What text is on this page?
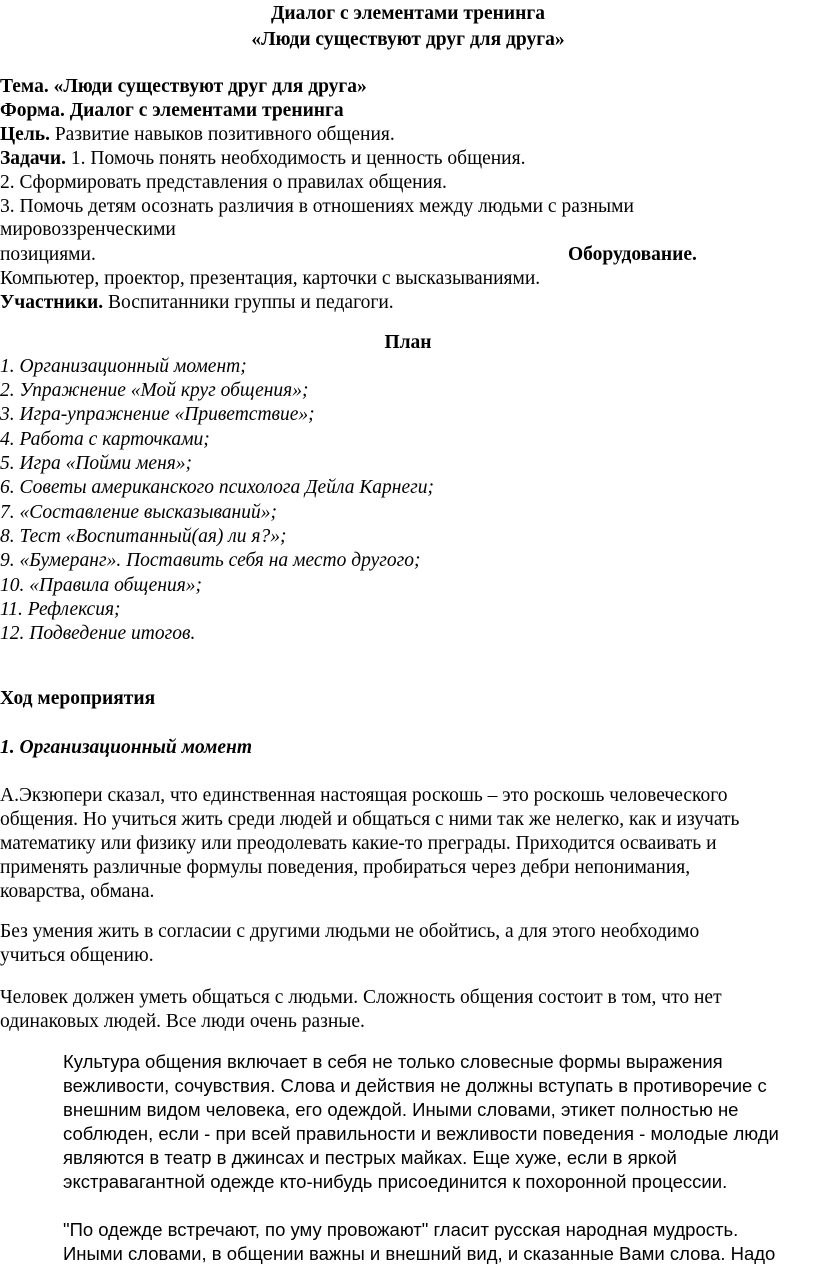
Диалог с элементами тренинга
«Люди существуют друг для друга»
Тема. «Люди существуют друг для друга»
Форма. Диалог с элементами тренинга
Цель. Развитие навыков позитивного общения.
Задачи. 1. Помочь понять необходимость и ценность общения.
2. Сформировать представления о правилах общения.
3. Помочь детям осознать различия в отношениях между людьми с разными
мировоззренческими
позициями.	Оборудование.
Компьютер, проектор, презентация, карточки с высказываниями.
Участники. Воспитанники группы и педагоги.
План
1. Организационный момент;
2. Упражнение «Мой круг общения»;
3. Игра-упражнение «Приветствие»;
4. Работа с карточками;
5. Игра «Пойми меня»;
6. Советы американского психолога Дейла Карнеги;
7. «Составление высказываний»;
8. Тест «Воспитанный(ая) ли я?»;
9. «Бумеранг». Поставить себя на место другого;
10. «Правила общения»;
11. Рефлексия;
12. Подведение итогов.
Ход мероприятия
1. Организационный момент
А.Экзюпери сказал, что единственная настоящая роскошь – это роскошь человеческого
общения. Но учиться жить среди людей и общаться с ними так же нелегко, как и изучать
математику или физику или преодолевать какие-то преграды. Приходится осваивать и
применять различные формулы поведения, пробираться через дебри непонимания,
коварства, обмана.
Без умения жить в согласии с другими людьми не обойтись, а для этого необходимо
учиться общению.
Человек должен уметь общаться с людьми. Сложность общения состоит в том, что нет
одинаковых людей. Все люди очень разные.
Культура общения включает в себя не только словесные формы выражения
вежливости, сочувствия. Слова и действия не должны вступать в противоречие с
внешним видом человека, его одеждой. Иными словами, этикет полностью не
соблюден, если - при всей правильности и вежливости поведения - молодые люди
являются в театр в джинсах и пестрых майках. Еще хуже, если в яркой
экстравагантной одежде кто-нибудь присоединится к похоронной процессии.
"По одежде встречают, по уму провожают" гласит русская народная мудрость.
Иными словами, в общении важны и внешний вид, и сказанные Вами слова. Надо
